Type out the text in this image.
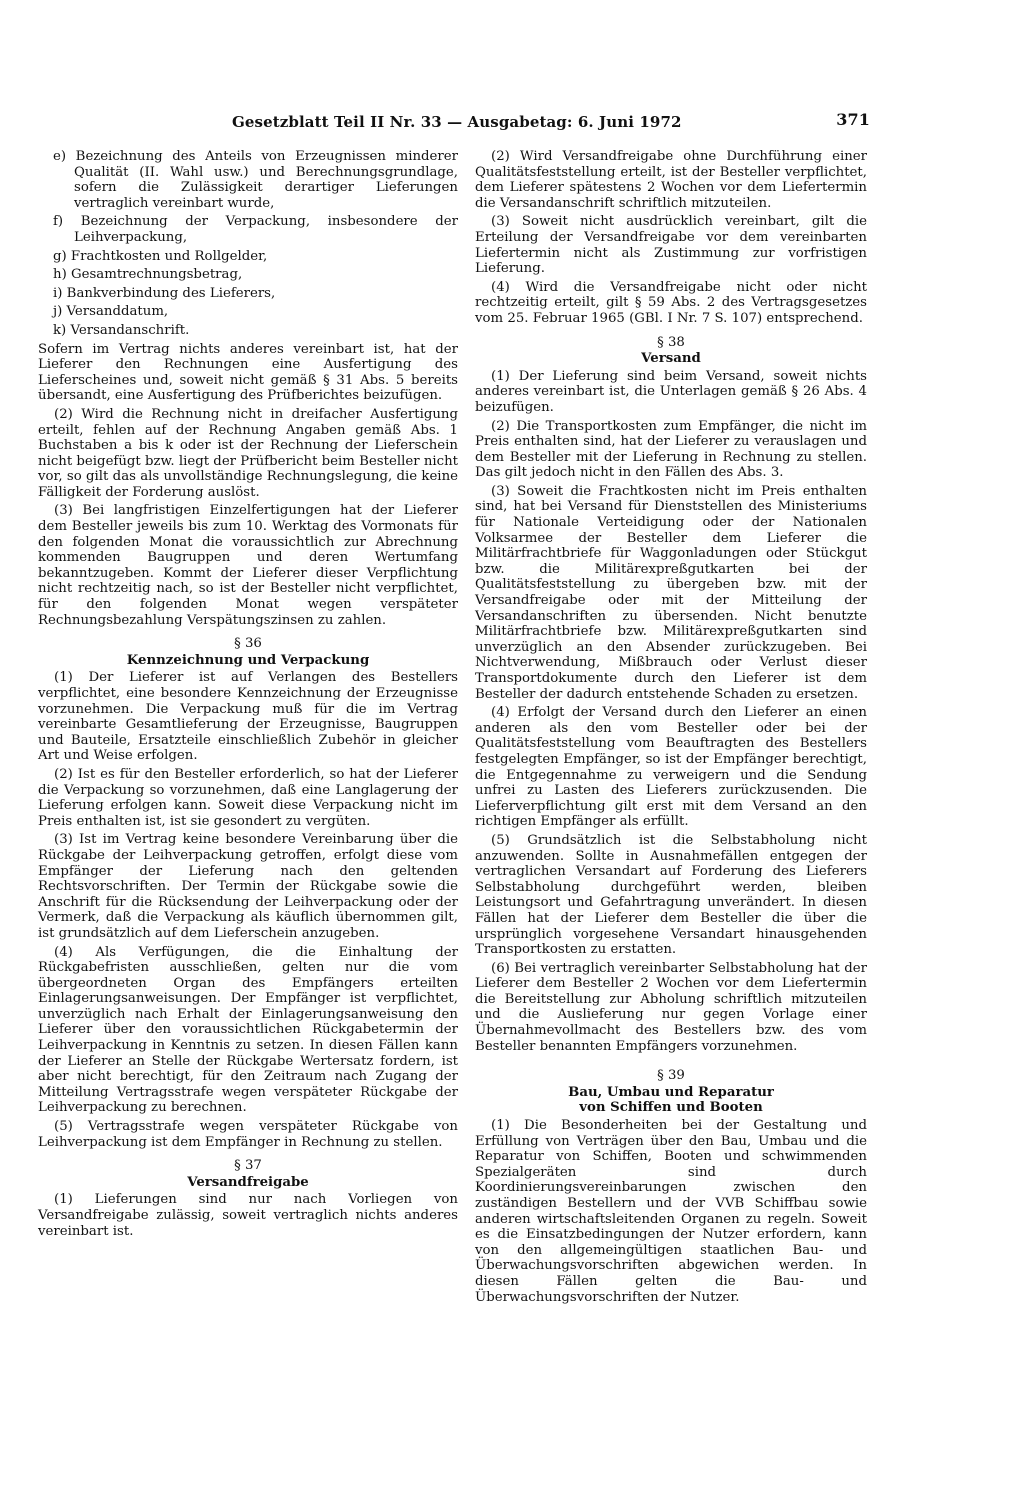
Gesetzblatt Teil II Nr. 33 — Ausgabetag: 6. Juni 1972	371

e) Bezeichnung des Anteils von Erzeugnissen minderer Qualität (II. Wahl usw.) und Berechnungsgrundlage, sofern die Zulässigkeit derartiger Lieferungen vertraglich vereinbart wurde,

f) Bezeichnung der Verpackung, insbesondere der Leihverpackung,

g) Frachtkosten und Rollgelder,

h) Gesamtrechnungsbetrag,

i) Bankverbindung des Lieferers,

j) Versanddatum,

k) Versandanschrift.

Sofern im Vertrag nichts anderes vereinbart ist, hat der Lieferer den Rechnungen eine Ausfertigung des Lieferscheines und, soweit nicht gemäß § 31 Abs. 5 bereits übersandt, eine Ausfertigung des Prüfberichtes beizufügen.

(2) Wird die Rechnung nicht in dreifacher Ausfertigung erteilt, fehlen auf der Rechnung Angaben gemäß Abs. 1 Buchstaben a bis k oder ist der Rechnung der Lieferschein nicht beigefügt bzw. liegt der Prüfbericht beim Besteller nicht vor, so gilt das als unvollständige Rechnungslegung, die keine Fälligkeit der Forderung auslöst.

(3) Bei langfristigen Einzelfertigungen hat der Lieferer dem Besteller jeweils bis zum 10. Werktag des Vormonats für den folgenden Monat die voraussichtlich zur Abrechnung kommenden Baugruppen und deren Wertumfang bekanntzugeben. Kommt der Lieferer dieser Verpflichtung nicht rechtzeitig nach, so ist der Besteller nicht verpflichtet, für den folgenden Monat wegen verspäteter Rechnungsbezahlung Verspätungszinsen zu zahlen.

§ 36
Kennzeichnung und Verpackung

(1) Der Lieferer ist auf Verlangen des Bestellers verpflichtet, eine besondere Kennzeichnung der Erzeugnisse vorzunehmen. Die Verpackung muß für die im Vertrag vereinbarte Gesamtlieferung der Erzeugnisse, Baugruppen und Bauteile, Ersatzteile einschließlich Zubehör in gleicher Art und Weise erfolgen.

(2) Ist es für den Besteller erforderlich, so hat der Lieferer die Verpackung so vorzunehmen, daß eine Langlagerung der Lieferung erfolgen kann. Soweit diese Verpackung nicht im Preis enthalten ist, ist sie gesondert zu vergüten.

(3) Ist im Vertrag keine besondere Vereinbarung über die Rückgabe der Leihverpackung getroffen, erfolgt diese vom Empfänger der Lieferung nach den geltenden Rechtsvorschriften. Der Termin der Rückgabe sowie die Anschrift für die Rücksendung der Leihverpackung oder der Vermerk, daß die Verpackung als käuflich übernommen gilt, ist grundsätzlich auf dem Lieferschein anzugeben.

(4) Als Verfügungen, die die Einhaltung der Rückgabefristen ausschließen, gelten nur die vom übergeordneten Organ des Empfängers erteilten Einlagerungsanweisungen. Der Empfänger ist verpflichtet, unverzüglich nach Erhalt der Einlagerungsanweisung den Lieferer über den voraussichtlichen Rückgabetermin der Leihverpackung in Kenntnis zu setzen. In diesen Fällen kann der Lieferer an Stelle der Rückgabe Wertersatz fordern, ist aber nicht berechtigt, für den Zeitraum nach Zugang der Mitteilung Vertragsstrafe wegen verspäteter Rückgabe der Leihverpackung zu berechnen.

(5) Vertragsstrafe wegen verspäteter Rückgabe von Leihverpackung ist dem Empfänger in Rechnung zu stellen.

§ 37
Versandfreigabe

(1) Lieferungen sind nur nach Vorliegen von Versandfreigabe zulässig, soweit vertraglich nichts anderes vereinbart ist.

(2) Wird Versandfreigabe ohne Durchführung einer Qualitätsfeststellung erteilt, ist der Besteller verpflichtet, dem Lieferer spätestens 2 Wochen vor dem Liefertermin die Versandanschrift schriftlich mitzuteilen.

(3) Soweit nicht ausdrücklich vereinbart, gilt die Erteilung der Versandfreigabe vor dem vereinbarten Liefertermin nicht als Zustimmung zur vorfristigen Lieferung.

(4) Wird die Versandfreigabe nicht oder nicht rechtzeitig erteilt, gilt § 59 Abs. 2 des Vertragsgesetzes vom 25. Februar 1965 (GBl. I Nr. 7 S. 107) entsprechend.

§ 38
Versand

(1) Der Lieferung sind beim Versand, soweit nichts anderes vereinbart ist, die Unterlagen gemäß § 26 Abs. 4 beizufügen.

(2) Die Transportkosten zum Empfänger, die nicht im Preis enthalten sind, hat der Lieferer zu verauslagen und dem Besteller mit der Lieferung in Rechnung zu stellen. Das gilt jedoch nicht in den Fällen des Abs. 3.

(3) Soweit die Frachtkosten nicht im Preis enthalten sind, hat bei Versand für Dienststellen des Ministeriums für Nationale Verteidigung oder der Nationalen Volksarmee der Besteller dem Lieferer die Militärfrachtbriefe für Waggonladungen oder Stückgut bzw. die Militärexpreßgutkarten bei der Qualitätsfeststellung zu übergeben bzw. mit der Versandfreigabe oder mit der Mitteilung der Versandanschriften zu übersenden. Nicht benutzte Militärfrachtbriefe bzw. Militärexpreßgutkarten sind unverzüglich an den Absender zurückzugeben. Bei Nichtverwendung, Mißbrauch oder Verlust dieser Transportdokumente durch den Lieferer ist dem Besteller der dadurch entstehende Schaden zu ersetzen.

(4) Erfolgt der Versand durch den Lieferer an einen anderen als den vom Besteller oder bei der Qualitätsfeststellung vom Beauftragten des Bestellers festgelegten Empfänger, so ist der Empfänger berechtigt, die Entgegennahme zu verweigern und die Sendung unfrei zu Lasten des Lieferers zurückzusenden. Die Lieferverpflichtung gilt erst mit dem Versand an den richtigen Empfänger als erfüllt.

(5) Grundsätzlich ist die Selbstabholung nicht anzuwenden. Sollte in Ausnahmefällen entgegen der vertraglichen Versandart auf Forderung des Lieferers Selbstabholung durchgeführt werden, bleiben Leistungsort und Gefahrtragung unverändert. In diesen Fällen hat der Lieferer dem Besteller die über die ursprünglich vorgesehene Versandart hinausgehenden Transportkosten zu erstatten.

(6) Bei vertraglich vereinbarter Selbstabholung hat der Lieferer dem Besteller 2 Wochen vor dem Liefertermin die Bereitstellung zur Abholung schriftlich mitzuteilen und die Auslieferung nur gegen Vorlage einer Übernahmevollmacht des Bestellers bzw. des vom Besteller benannten Empfängers vorzunehmen.

§ 39
Bau, Umbau und Reparatur
von Schiffen und Booten

(1) Die Besonderheiten bei der Gestaltung und Erfüllung von Verträgen über den Bau, Umbau und die Reparatur von Schiffen, Booten und schwimmenden Spezialgeräten sind durch Koordinierungsvereinbarungen zwischen den zuständigen Bestellern und der VVB Schiffbau sowie anderen wirtschaftsleitenden Organen zu regeln. Soweit es die Einsatzbedingungen der Nutzer erfordern, kann von den allgemeingültigen staatlichen Bau- und Überwachungsvorschriften abgewichen werden. In diesen Fällen gelten die Bau- und Überwachungsvorschriften der Nutzer.
